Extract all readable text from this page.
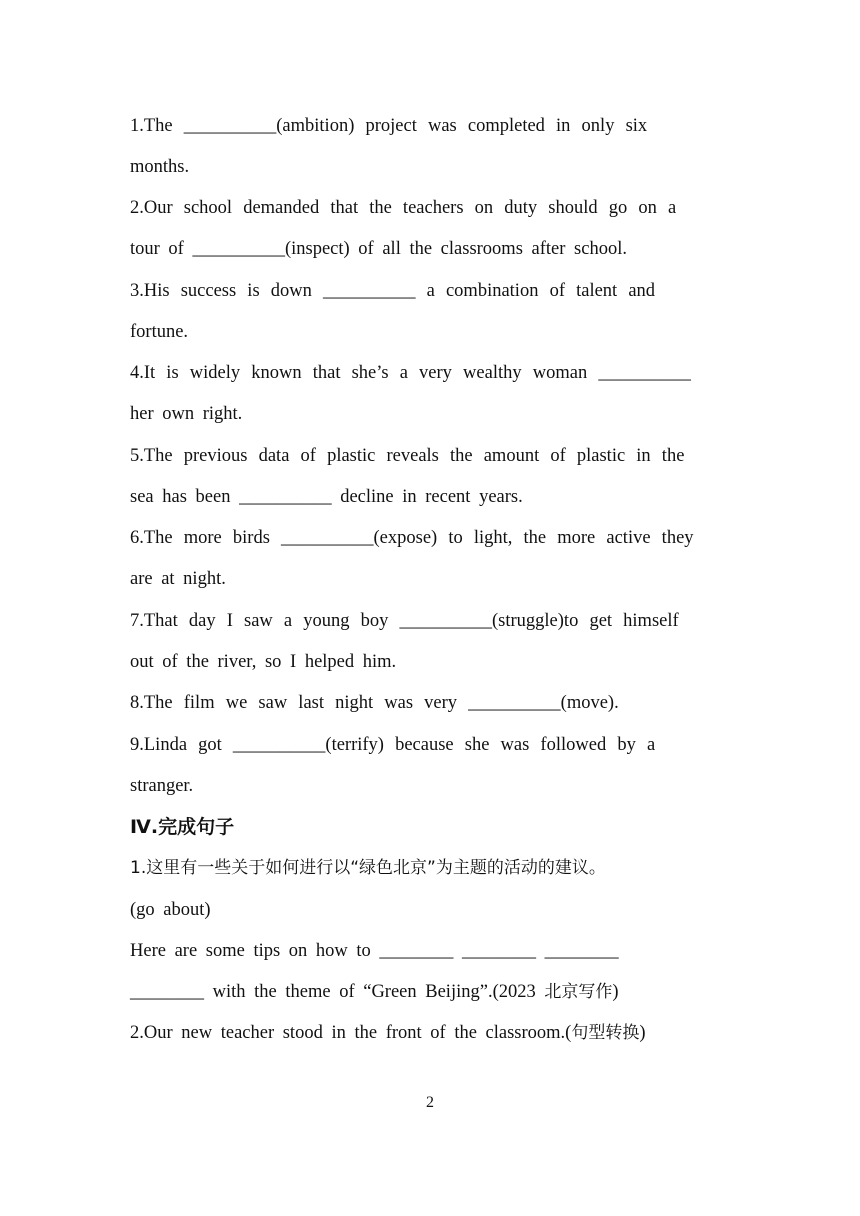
1.The __________(ambition) project was completed in only six
months.
2.Our school demanded that the teachers on duty should go on a
tour of __________(inspect) of all the classrooms after school.
3.His success is down __________ a combination of talent and
fortune.
4.It is widely known that she’s a very wealthy woman __________
her own right.
5.The previous data of plastic reveals the amount of plastic in the
sea has been __________ decline in recent years.
6.The more birds __________(expose) to light, the more active they
are at night.
7.That day I saw a young boy __________(struggle)to get himself
out of the river, so I helped him.
8.The film we saw last night was very __________(move).
9.Linda got __________(terrify) because she was followed by a
stranger.
Ⅳ.完成句子
1.这里有一些关于如何进行以“绿色北京”为主题的活动的建议。
(go about)
Here are some tips on how to ________ ________ ________
________ with the theme of “Green Beijing”.(2023 北京写作)
2.Our new teacher stood in the front of the classroom.(句型转换)
2
